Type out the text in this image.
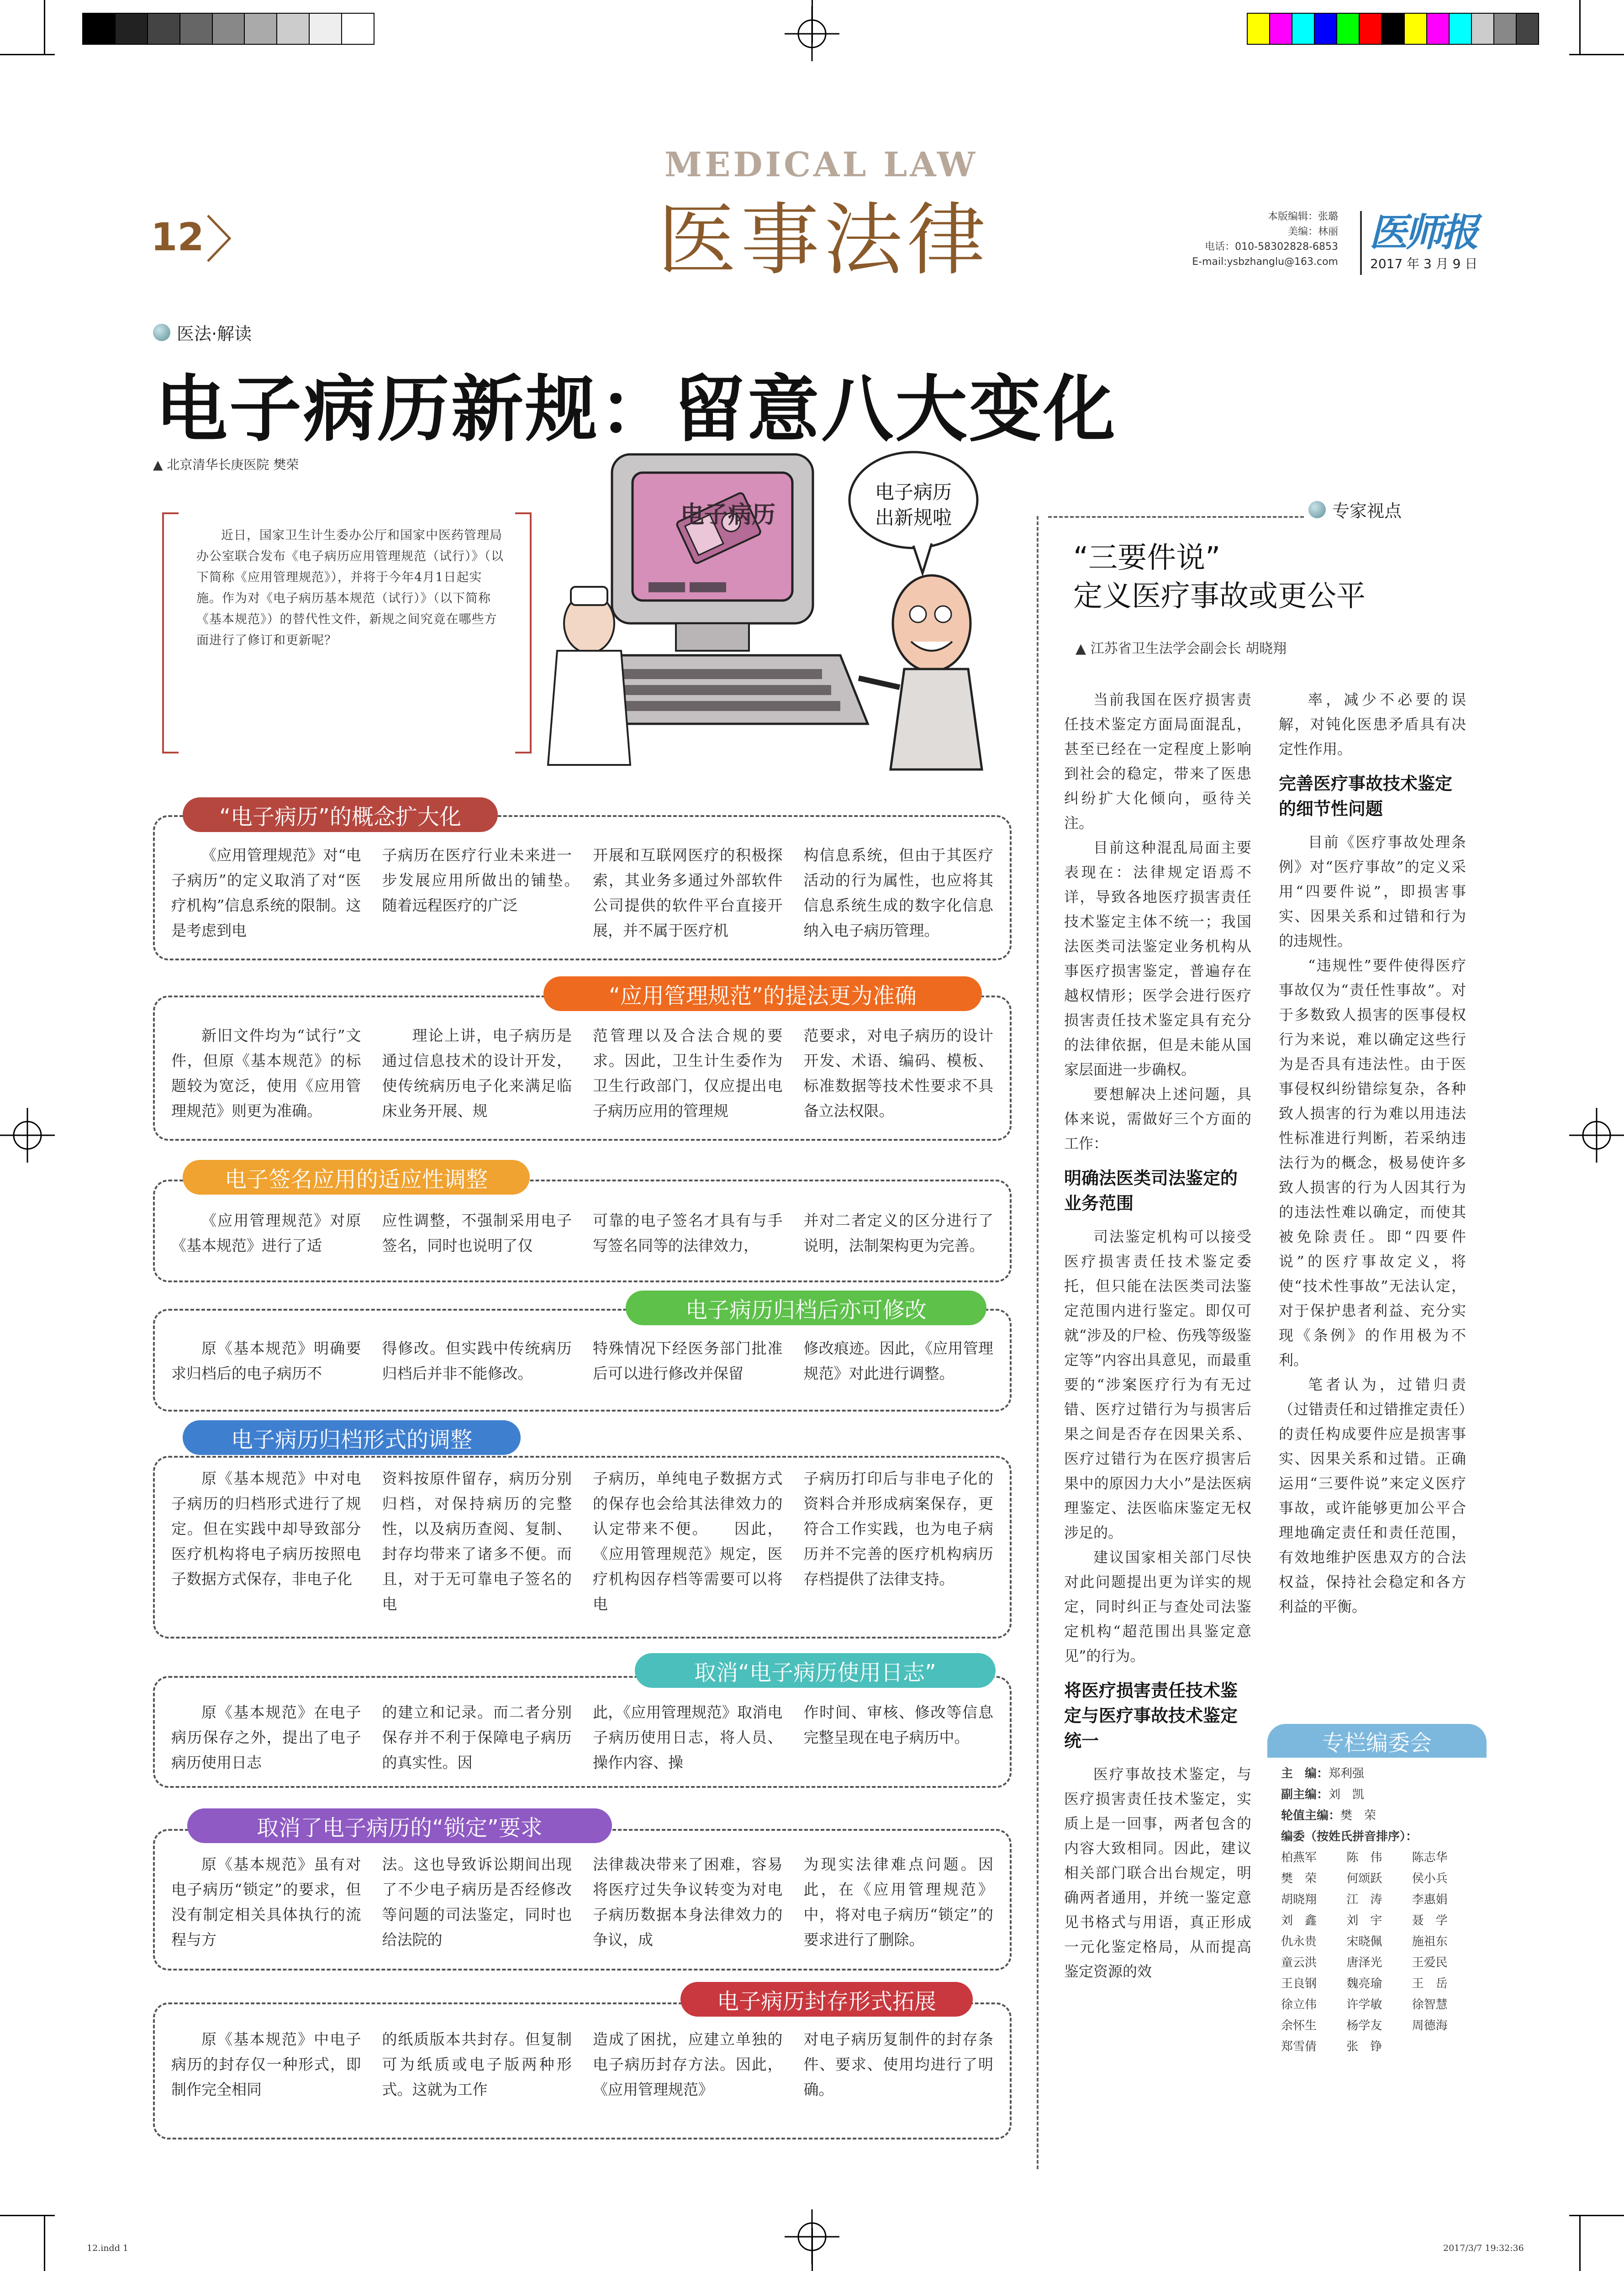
12
MEDICAL LAW
医事法律	本版编辑：张璐
美编：林丽
电话：010-58302828-6853
E-mail:ysbzhanglu@163.com
医师报
2017 年 3 月 9 日
医法·解读
电子病历新规：留意八大变化
▲ 北京清华长庚医院 樊荣
近日，国家卫生计生委办公厅和国家中医药管理局办公室联合发布《电子病历应用管理规范（试行）》（以下简称《应用管理规范》），并将于今年4月1日起实施。作为对《电子病历基本规范（试行）》（以下简称《基本规范》）的替代性文件，新规之间究竟在哪些方面进行了修订和更新呢？
电子病历
电子病历
出新规啦
“电子病历”的概念扩大化
《应用管理规范》对“电子病历”的定义取消了对“医疗机构”信息系统的限制。这是考虑到电
子病历在医疗行业未来进一步发展应用所做出的铺垫。　　随着远程医疗的广泛
开展和互联网医疗的积极探索，其业务多通过外部软件公司提供的软件平台直接开展，并不属于医疗机
构信息系统，但由于其医疗活动的行为属性，也应将其信息系统生成的数字化信息纳入电子病历管理。
“应用管理规范”的提法更为准确
新旧文件均为“试行”文件，但原《基本规范》的标题较为宽泛，使用《应用管理规范》则更为准确。
理论上讲，电子病历是通过信息技术的设计开发，使传统病历电子化来满足临床业务开展、规
范管理以及合法合规的要求。因此，卫生计生委作为卫生行政部门，仅应提出电子病历应用的管理规
范要求，对电子病历的设计开发、术语、编码、模板、标准数据等技术性要求不具备立法权限。
电子签名应用的适应性调整
《应用管理规范》对原《基本规范》进行了适
应性调整，不强制采用电子签名，同时也说明了仅
可靠的电子签名才具有与手写签名同等的法律效力，
并对二者定义的区分进行了说明，法制架构更为完善。
电子病历归档后亦可修改
原《基本规范》明确要求归档后的电子病历不
得修改。但实践中传统病历归档后并非不能修改。
特殊情况下经医务部门批准后可以进行修改并保留
修改痕迹。因此，《应用管理规范》对此进行调整。
电子病历归档形式的调整
原《基本规范》中对电子病历的归档形式进行了规定。但在实践中却导致部分医疗机构将电子病历按照电子数据方式保存，非电子化
资料按原件留存，病历分别归档，对保持病历的完整性，以及病历查阅、复制、封存均带来了诸多不便。而且，对于无可靠电子签名的电
子病历，单纯电子数据方式的保存也会给其法律效力的认定带来不便。　　因此，《应用管理规范》规定，医疗机构因存档等需要可以将电
子病历打印后与非电子化的资料合并形成病案保存，更符合工作实践，也为电子病历并不完善的医疗机构病历存档提供了法律支持。
取消“电子病历使用日志”
原《基本规范》在电子病历保存之外，提出了电子病历使用日志
的建立和记录。而二者分别保存并不利于保障电子病历的真实性。因
此，《应用管理规范》取消电子病历使用日志，将人员、操作内容、操
作时间、审核、修改等信息完整呈现在电子病历中。
取消了电子病历的“锁定”要求
原《基本规范》虽有对电子病历“锁定”的要求，但没有制定相关具体执行的流程与方
法。这也导致诉讼期间出现了不少电子病历是否经修改等问题的司法鉴定，同时也给法院的
法律裁决带来了困难，容易将医疗过失争议转变为对电子病历数据本身法律效力的争议，成
为现实法律难点问题。因此，在《应用管理规范》中，将对电子病历“锁定”的要求进行了删除。
电子病历封存形式拓展
原《基本规范》中电子病历的封存仅一种形式，即制作完全相同
的纸质版本共封存。但复制可为纸质或电子版两种形式。这就为工作
造成了困扰，应建立单独的电子病历封存方法。因此，《应用管理规范》
对电子病历复制件的封存条件、要求、使用均进行了明确。
专家视点
“三要件说”
定义医疗事故或更公平
▲ 江苏省卫生法学会副会长 胡晓翔
当前我国在医疗损害责任技术鉴定方面局面混乱，甚至已经在一定程度上影响到社会的稳定，带来了医患纠纷扩大化倾向，亟待关注。
目前这种混乱局面主要表现在：法律规定语焉不详，导致各地医疗损害责任技术鉴定主体不统一；我国法医类司法鉴定业务机构从事医疗损害鉴定，普遍存在越权情形；医学会进行医疗损害责任技术鉴定具有充分的法律依据，但是未能从国家层面进一步确权。
要想解决上述问题，具体来说，需做好三个方面的工作：
明确法医类司法鉴定的业务范围
司法鉴定机构可以接受医疗损害责任技术鉴定委托，但只能在法医类司法鉴定范围内进行鉴定。即仅可就“涉及的尸检、伤残等级鉴定等”内容出具意见，而最重要的“涉案医疗行为有无过错、医疗过错行为与损害后果之间是否存在因果关系、医疗过错行为在医疗损害后果中的原因力大小”是法医病理鉴定、法医临床鉴定无权涉足的。
建议国家相关部门尽快对此问题提出更为详实的规定，同时纠正与查处司法鉴定机构“超范围出具鉴定意见”的行为。
将医疗损害责任技术鉴定与医疗事故技术鉴定统一
医疗事故技术鉴定，与医疗损害责任技术鉴定，实质上是一回事，两者包含的内容大致相同。因此，建议相关部门联合出台规定，明确两者通用，并统一鉴定意见书格式与用语，真正形成一元化鉴定格局，从而提高鉴定资源的效
率，减少不必要的误解，对钝化医患矛盾具有决定性作用。
完善医疗事故技术鉴定的细节性问题
目前《医疗事故处理条例》对“医疗事故”的定义采用“四要件说”，即损害事实、因果关系和过错和行为的违规性。
“违规性”要件使得医疗事故仅为“责任性事故”。对于多数致人损害的医事侵权行为来说，难以确定这些行为是否具有违法性。由于医事侵权纠纷错综复杂，各种致人损害的行为难以用违法性标准进行判断，若采纳违法行为的概念，极易使许多致人损害的行为人因其行为的违法性难以确定，而使其被免除责任。即“四要件说”的医疗事故定义，将使“技术性事故”无法认定，对于保护患者利益、充分实现《条例》的作用极为不利。
笔者认为，过错归责（过错责任和过错推定责任）的责任构成要件应是损害事实、因果关系和过错。正确运用“三要件说”来定义医疗事故，或许能够更加公平合理地确定责任和责任范围，有效地维护医患双方的合法权益，保持社会稳定和各方利益的平衡。
专栏编委会
主　编：郑利强
副主编：刘　凯
轮值主编：樊　荣
编委（按姓氏拼音排序）：
柏燕军	陈　伟	陈志华
樊　荣	何颂跃	侯小兵
胡晓翔	江　涛	李惠娟
刘　鑫	刘　宇	聂　学
仇永贵	宋晓佩	施祖东
童云洪	唐泽光	王爱民
王良钢	魏亮瑜	王　岳
徐立伟	许学敏	徐智慧
余怀生	杨学友	周德海
郑雪倩	张　铮
12.indd 1	2017/3/7 19:32:36
